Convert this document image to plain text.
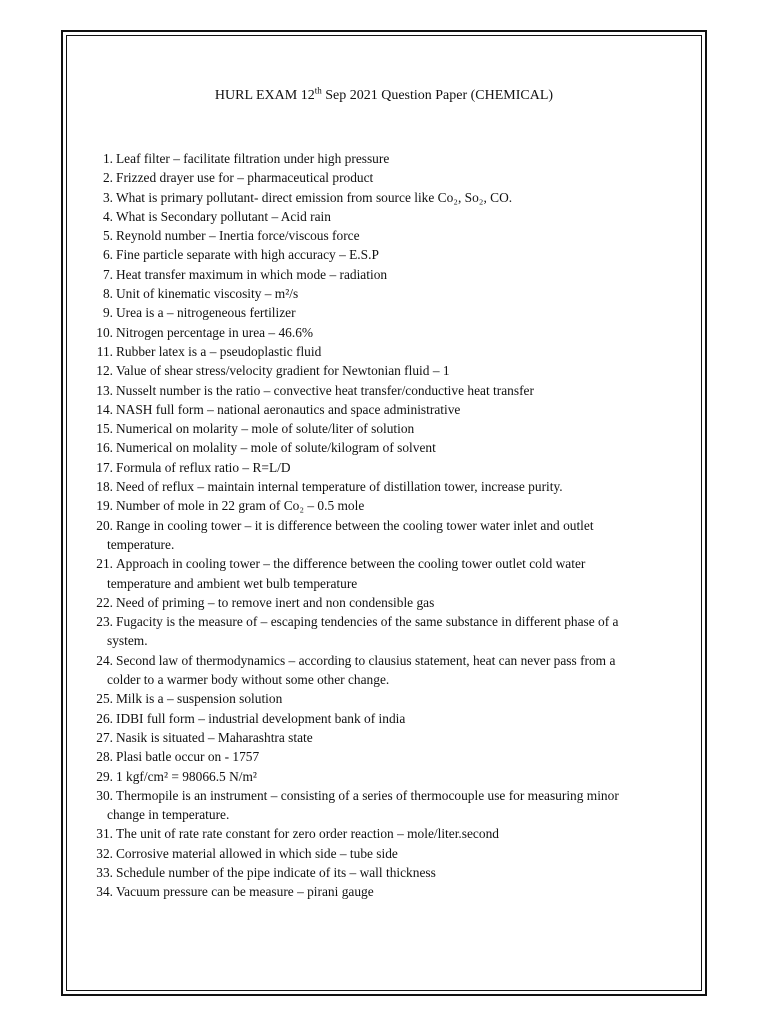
HURL EXAM 12th Sep 2021 Question Paper (CHEMICAL)
1. Leaf filter – facilitate filtration under high pressure
2. Frizzed drayer use for – pharmaceutical product
3. What is primary pollutant- direct emission from source like Co₂, So₂, CO.
4. What is Secondary pollutant – Acid rain
5. Reynold number – Inertia force/viscous force
6. Fine particle separate with high accuracy – E.S.P
7. Heat transfer maximum in which mode – radiation
8. Unit of kinematic viscosity – m²/s
9. Urea is a – nitrogeneous fertilizer
10. Nitrogen percentage in urea – 46.6%
11. Rubber latex is a – pseudoplastic fluid
12. Value of shear stress/velocity gradient for Newtonian fluid – 1
13. Nusselt number is the ratio – convective heat transfer/conductive heat transfer
14. NASH full form – national aeronautics and space administrative
15. Numerical on molarity – mole of solute/liter of solution
16. Numerical on molality – mole of solute/kilogram of solvent
17. Formula of reflux ratio – R=L/D
18. Need of reflux – maintain internal temperature of distillation tower, increase purity.
19. Number of mole in 22 gram of Co₂ – 0.5 mole
20. Range in cooling tower – it is difference between the cooling tower water inlet and outlet
temperature.
21. Approach in cooling tower – the difference between the cooling tower outlet cold water
temperature and ambient wet bulb temperature
22. Need of priming – to remove inert and non condensible gas
23. Fugacity is the measure of – escaping tendencies of the same substance in different phase of a
system.
24. Second law of thermodynamics – according to clausius statement, heat can never pass from a
colder to a warmer body without some other change.
25. Milk is a – suspension solution
26. IDBI full form – industrial development bank of india
27. Nasik is situated – Maharashtra state
28. Plasi batle occur on - 1757
29. 1 kgf/cm² = 98066.5 N/m²
30. Thermopile is an instrument – consisting of a series of thermocouple use for measuring minor
change in temperature.
31. The unit of rate rate constant for zero order reaction – mole/liter.second
32. Corrosive material allowed in which side – tube side
33. Schedule number of the pipe indicate of its – wall thickness
34. Vacuum pressure can be measure – pirani gauge
